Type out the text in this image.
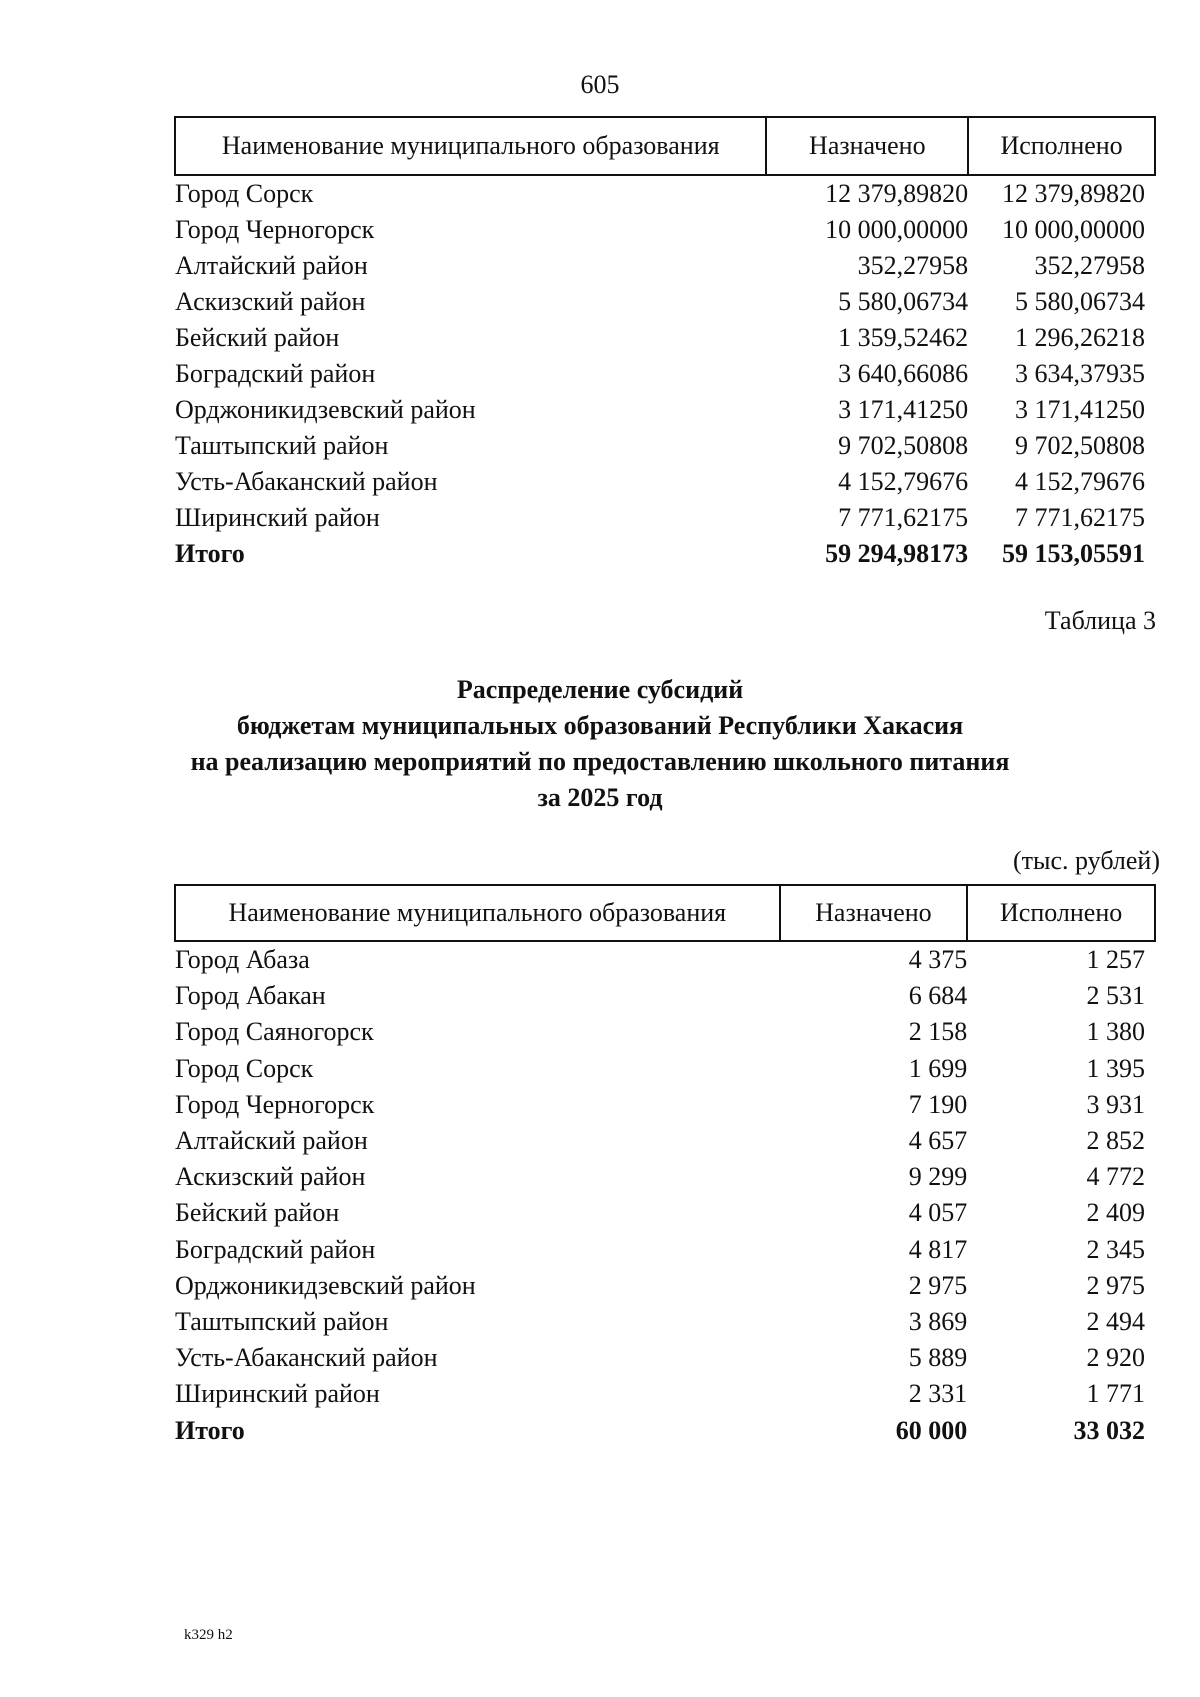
605
Наименование муниципального образования	Назначено	Исполнено
Город Сорск	12 379,89820	12 379,89820
Город Черногорск	10 000,00000	10 000,00000
Алтайский район	352,27958	352,27958
Аскизский район	5 580,06734	5 580,06734
Бейский район	1 359,52462	1 296,26218
Боградский район	3 640,66086	3 634,37935
Орджоникидзевский район	3 171,41250	3 171,41250
Таштыпский район	9 702,50808	9 702,50808
Усть-Абаканский район	4 152,79676	4 152,79676
Ширинский район	7 771,62175	7 771,62175
Итого	59 294,98173	59 153,05591
Таблица 3
Распределение субсидий
бюджетам муниципальных образований Республики Хакасия
на реализацию мероприятий по предоставлению школьного питания
за 2025 год
(тыс. рублей)
Наименование муниципального образования	Назначено	Исполнено
Город Абаза	4 375	1 257
Город Абакан	6 684	2 531
Город Саяногорск	2 158	1 380
Город Сорск	1 699	1 395
Город Черногорск	7 190	3 931
Алтайский район	4 657	2 852
Аскизский район	9 299	4 772
Бейский район	4 057	2 409
Боградский район	4 817	2 345
Орджоникидзевский район	2 975	2 975
Таштыпский район	3 869	2 494
Усть-Абаканский район	5 889	2 920
Ширинский район	2 331	1 771
Итого	60 000	33 032
k329 h2
